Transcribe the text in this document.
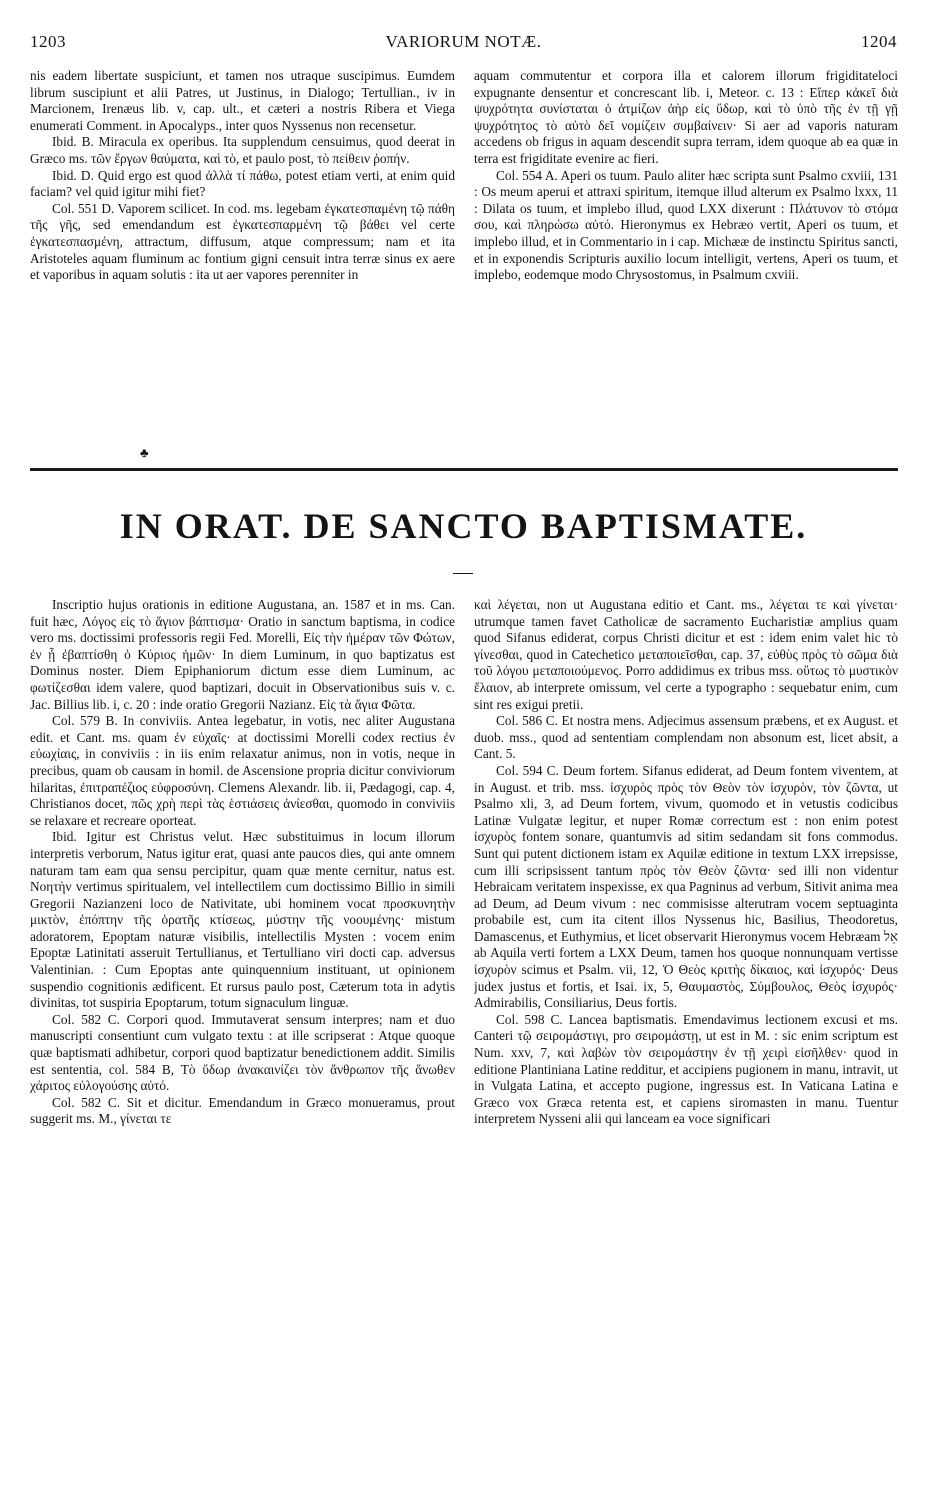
1203	VARIORUM NOTÆ.	1204

nis eadem libertate suspiciunt, et tamen nos utraque suscipimus. Eumdem librum suscipiunt et alii Patres, ut Justinus, in Dialogo; Tertullian., iv in Marcionem, Irenæus lib. v, cap. ult., et cæteri a nostris Ribera et Viega enumerati Comment. in Apocalyps., inter quos Nyssenus non recensetur.

Ibid. B. Miracula ex operibus. Ita supplendum censuimus, quod deerat in Græco ms. τῶν ἔργων θαύματα, καὶ τὸ, et paulo post, τὸ πείθειν ῥοπήν.

Ibid. D. Quid ergo est quod ἀλλὰ τί πάθω, potest etiam verti, at enim quid faciam? vel quid igitur mihi fiet?

Col. 551 D. Vaporem scilicet. In cod. ms. legebam ἐγκατεσπαμένη τῷ πάθη τῆς γῆς, sed emendandum est ἐγκατεσπαρμένη τῷ βάθει vel certe ἐγκατεσπασμένη, attractum, diffusum, atque compressum; nam et ita Aristoteles aquam fluminum ac fontium gigni censuit intra terræ sinus ex aere et vaporibus in aquam solutis : ita ut aer vapores perenniter in

aquam commutentur et corpora illa et calorem illorum frigiditateloci expugnante densentur et concrescant lib. i, Meteor. c. 13 : Εἴπερ κἀκεῖ διὰ ψυχρότητα συνίσταται ὁ ἀτμίζων ἀὴρ εἰς ὕδωρ, καὶ τὸ ὑπὸ τῆς ἐν τῇ γῇ ψυχρότητος τὸ αὐτὸ δεῖ νομίζειν συμβαίνειν· Si aer ad vaporis naturam accedens ob frigus in aquam descendit supra terram, idem quoque ab ea quæ in terra est frigiditate evenire ac fieri.

Col. 554 A. Aperi os tuum. Paulo aliter hæc scripta sunt Psalmo cxviii, 131 : Os meum aperui et attraxi spiritum, itemque illud alterum ex Psalmo lxxx, 11 : Dilata os tuum, et implebo illud, quod LXX dixerunt : Πλάτυνον τὸ στόμα σου, καὶ πληρώσω αὐτό. Hieronymus ex Hebræo vertit, Aperi os tuum, et implebo illud, et in Commentario in i cap. Michææ de instinctu Spiritus sancti, et in exponendis Scripturis auxilio locum intelligit, vertens, Aperi os tuum, et implebo, eodemque modo Chrysostomus, in Psalmum cxviii.

♣
IN ORAT. DE SANCTO BAPTISMATE.

Inscriptio hujus orationis in editione Augustana, an. 1587 et in ms. Can. fuit hæc, Λόγος εἰς τὸ ἅγιον βάπτισμα· Oratio in sanctum baptisma, in codice vero ms. doctissimi professoris regii Fed. Morelli, Εἰς τὴν ἡμέραν τῶν Φώτων, ἐν ᾗ ἐβαπτίσθη ὁ Κύριος ἡμῶν· In diem Luminum, in quo baptizatus est Dominus noster. Diem Epiphaniorum dictum esse diem Luminum, ac φωτίζεσθαι idem valere, quod baptizari, docuit in Observationibus suis v. c. Jac. Billius lib. i, c. 20 : inde oratio Gregorii Nazianz. Εἰς τὰ ἅγια Φῶτα.

Col. 579 B. In conviviis. Antea legebatur, in votis, nec aliter Augustana edit. et Cant. ms. quam ἐν εὐχαῖς· at doctissimi Morelli codex rectius ἐν εὐωχίαις, in conviviis : in iis enim relaxatur animus, non in votis, neque in precibus, quam ob causam in homil. de Ascensione propria dicitur conviviorum hilaritas, ἐπιτραπέζιος εὐφροσύνη. Clemens Alexandr. lib. ii, Pædagogi, cap. 4, Christianos docet, πῶς χρὴ περὶ τὰς ἑστιάσεις ἀνίεσθαι, quomodo in conviviis se relaxare et recreare oporteat.

Ibid. Igitur est Christus velut. Hæc substituimus in locum illorum interpretis verborum, Natus igitur erat, quasi ante paucos dies, qui ante omnem naturam tam eam qua sensu percipitur, quam quæ mente cernitur, natus est. Νοητὴν vertimus spiritualem, vel intellectilem cum doctissimo Billio in simili Gregorii Nazianzeni loco de Nativitate, ubi hominem vocat προσκυνητὴν μικτὸν, ἐπόπτην τῆς ὁρατῆς κτίσεως, μύστην τῆς νοουμένης· mistum adoratorem, Epoptam naturæ visibilis, intellectilis Mysten : vocem enim Epoptæ Latinitati asseruit Tertullianus, et Tertulliano viri docti cap. adversus Valentinian. : Cum Epoptas ante quinquennium instituant, ut opinionem suspendio cognitionis ædificent. Et rursus paulo post, Cæterum tota in adytis divinitas, tot suspiria Epoptarum, totum signaculum linguæ.

Col. 582 C. Corpori quod. Immutaverat sensum interpres; nam et duo manuscripti consentiunt cum vulgato textu : at ille scripserat : Atque quoque quæ baptismati adhibetur, corpori quod baptizatur benedictionem addit. Similis est sententia, col. 584 B, Τὸ ὕδωρ ἀνακαινίζει τὸν ἄνθρωπον τῆς ἄνωθεν χάριτος εὐλογούσης αὐτό.

Col. 582 C. Sit et dicitur. Emendandum in Græco monueramus, prout suggerit ms. M., γίνεται τε

καὶ λέγεται, non ut Augustana editio et Cant. ms., λέγεται τε καὶ γίνεται· utrumque tamen favet Catholicæ de sacramento Eucharistiæ amplius quam quod Sifanus ediderat, corpus Christi dicitur et est : idem enim valet hic τὸ γίνεσθαι, quod in Catechetico μεταποιεῖσθαι, cap. 37, εὐθὺς πρὸς τὸ σῶμα διὰ τοῦ λόγου μεταποιούμενος. Porro addidimus ex tribus mss. οὕτως τὸ μυστικὸν ἔλαιον, ab interprete omissum, vel certe a typographo : sequebatur enim, cum sint res exigui pretii.

Col. 586 C. Et nostra mens. Adjecimus assensum præbens, et ex August. et duob. mss., quod ad sententiam complendam non absonum est, licet absit, a Cant. 5.

Col. 594 C. Deum fortem. Sifanus ediderat, ad Deum fontem viventem, at in August. et trib. mss. ἰσχυρὸς πρὸς τὸν Θεὸν τὸν ἰσχυρὸν, τὸν ζῶντα, ut Psalmo xli, 3, ad Deum fortem, vivum, quomodo et in vetustis codicibus Latinæ Vulgatæ legitur, et nuper Romæ correctum est : non enim potest ἰσχυρὸς fontem sonare, quantumvis ad sitim sedandam sit fons commodus. Sunt qui putent dictionem istam ex Aquilæ editione in textum LXX irrepsisse, cum illi scripsissent tantum πρὸς τὸν Θεὸν ζῶντα· sed illi non videntur Hebraicam veritatem inspexisse, ex qua Pagninus ad verbum, Sitivit anima mea ad Deum, ad Deum vivum : nec commisisse alterutram vocem septuaginta probabile est, cum ita citent illos Nyssenus hic, Basilius, Theodoretus, Damascenus, et Euthymius, et licet observarit Hieronymus vocem Hebræam אֵל ab Aquila verti fortem a LXX Deum, tamen hos quoque nonnunquam vertisse ἰσχυρὸν scimus et Psalm. vii, 12, Ὁ Θεὸς κριτὴς δίκαιος, καὶ ἰσχυρός· Deus judex justus et fortis, et Isai. ix, 5, Θαυμαστὸς, Σύμβουλος, Θεὸς ἰσχυρός· Admirabilis, Consiliarius, Deus fortis.

Col. 598 C. Lancea baptismatis. Emendavimus lectionem excusi et ms. Canteri τῷ σειρομάστιγι, pro σειρομάστῃ, ut est in M. : sic enim scriptum est Num. xxv, 7, καὶ λαβὼν τὸν σειρομάστην ἐν τῇ χειρὶ εἰσῆλθεν· quod in editione Plantiniana Latine redditur, et accipiens pugionem in manu, intravit, ut in Vulgata Latina, et accepto pugione, ingressus est. In Vaticana Latina e Græco vox Græca retenta est, et capiens siromasten in manu. Tuentur interpretem Nysseni alii qui lanceam ea voce significari
